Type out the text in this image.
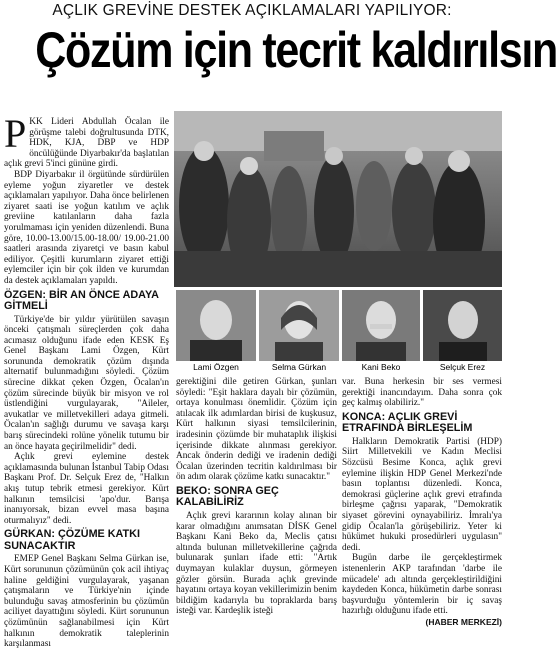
AÇLIK GREVİNE DESTEK AÇIKLAMALARI YAPILIYOR:
Çözüm için tecrit kaldırılsın

PKK Lideri Abdullah Öcalan ile görüşme talebi doğrultusunda DTK, HDK, KJA, DBP ve HDP öncülüğünde Diyarbakır'da başlatılan açlık grevi 5'inci gününe girdi.

BDP Diyarbakır il örgütünde sürdürülen eyleme yoğun ziyaretler ve destek açıklamaları yapılıyor. Daha önce belirlenen ziyaret saati ise yoğun katılım ve açlık greviine katılanların daha fazla yorulmaması için yeniden düzenlendi. Buna göre, 10.00-13.00/15.00-18.00/ 19.00-21.00 saatleri arasında ziyaretçi ve basın kabul ediliyor. Çeşitli kurumların ziyaret ettiği eylemciler için bir çok ilden ve kurumdan da destek açıklamaları yapıldı.

ÖZGEN: BİR AN ÖNCE ADAYA GİTMELİ

Türkiye'de bir yıldır yürütülen savaşın önceki çatışmalı süreçlerden çok daha acımasız olduğunu ifade eden KESK Eş Genel Başkanı Lami Özgen, Kürt sorununda demokratik çözüm dışında alternatif bulunmadığını söyledi. Çözüm sürecine dikkat çeken Özgen, Öcalan'ın çözüm sürecinde büyük bir misyon ve rol üstlendiğini vurgulayarak, "Aileler, avukatlar ve milletvekilleri adaya gitmeli. Öcalan'ın sağlığı durumu ve savaşa karşı barış sürecindeki rolüne yönelik tutumu bir an önce hayata geçirilmelidir" dedi.

Açlık grevi eylemine destek açıklamasında bulunan İstanbul Tabip Odası Başkanı Prof. Dr. Selçuk Erez de, "Halkın akış tutup tebrik etmesi gerekiyor. Kürt halkının temsilcisi 'apo'dur. Barışa inanıyorsak, bizan evvel masa başına oturmalıyız" dedi.

GÜRKAN: ÇÖZÜME KATKI SUNACAKTIR

EMEP Genel Başkanı Selma Gürkan ise, Kürt sorununun çözümünün çok acil ihtiyaç haline geldiğini vurgulayarak, yaşanan çatışmaların ve Türkiye'nin içinde bulunduğu savaş atmosferinin bu çözümün aciliyet dayattığını söyledi. Kürt sorununun çözümünün sağlanabilmesi için Kürt halkının demokratik taleplerinin karşılanması

Lami Özgen	Selma Gürkan	Kani Beko	Selçuk Erez

gerektiğini dile getiren Gürkan, şunları söyledi: "Eşit haklara dayalı bir çözümün, ortaya konulması önemlidir. Çözüm için atılacak ilk adımlardan birisi de kuşkusuz, Kürt halkının siyasi temsilcilerinin, iradesinin çözümde bir muhataplık ilişkisi içerisinde dikkate alınması gerekiyor. Ancak önderin dediği ve iradenin dediği Öcalan üzerinden tecritin kaldırılması bir ön adım olarak çözüme katkı sunacaktır."

BEKO: SONRA GEÇ KALABİLİRİZ

Açlık grevi kararının kolay alınan bir karar olmadığını anımsatan DİSK Genel Başkanı Kani Beko da, Meclis çatısı altında bulunan milletvekillerine çağrıda bulunarak şunları ifade etti: "Artık duymayan kulaklar duysun, görmeyen gözler görsün. Burada açlık grevinde hayatını ortaya koyan vekillerimizin benim bildiğim kadarıyla bu topraklarda barış isteği var. Kardeşlik isteği

var. Buna herkesin bir ses vermesi gerektiği inancındayım. Daha sonra çok geç kalmış olabiliriz."

KONCA: AÇLIK GREVİ ETRAFINDA BİRLEŞELİM

Halkların Demokratik Partisi (HDP) Siirt Milletvekili ve Kadın Meclisi Sözcüsü Besime Konca, açlık grevi eylemine ilişkin HDP Genel Merkezi'nde basın toplantısı düzenledi. Konca, demokrasi güçlerine açlık grevi etrafında birleşme çağrısı yaparak, "Demokratik siyaset görevini oynayabiliriz. İmralı'ya gidip Öcalan'la görüşebiliriz. Yeter ki hükümet hukuki prosedürleri uygulasın" dedi.

Bugün darbe ile gerçekleştirmek istenenlerin AKP tarafından 'darbe ile mücadele' adı altında gerçekleştirildiğini kaydeden Konca, hükümetin darbe sonrası başvurduğu yöntemlerin bir iç savaş hazırlığı olduğunu ifade etti.

(HABER MERKEZİ)
